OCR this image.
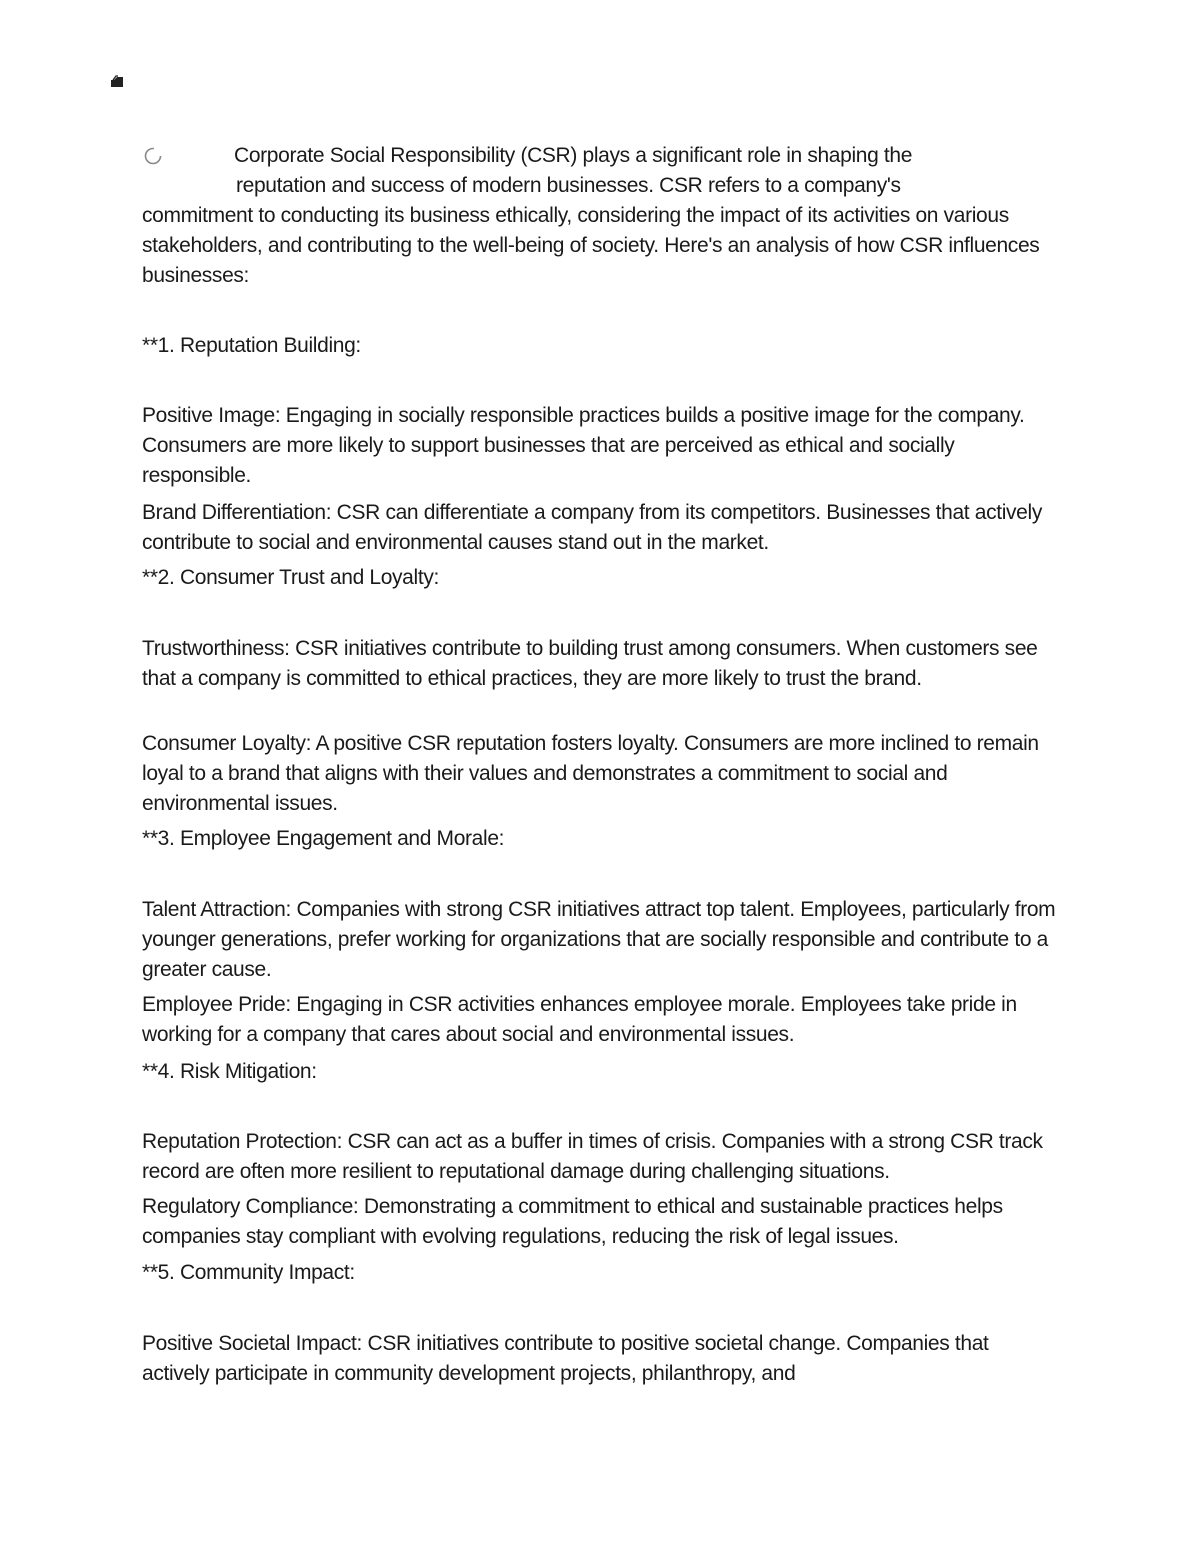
Corporate Social Responsibility (CSR) plays a significant role in shaping the
reputation and success of modern businesses. CSR refers to a company's
commitment to conducting its business ethically, considering the impact of its activities on various stakeholders, and contributing to the well-being of society. Here's an analysis of how CSR influences businesses:

**1. Reputation Building:

Positive Image: Engaging in socially responsible practices builds a positive image for the company. Consumers are more likely to support businesses that are perceived as ethical and socially responsible.

Brand Differentiation: CSR can differentiate a company from its competitors. Businesses that actively contribute to social and environmental causes stand out in the market.

**2. Consumer Trust and Loyalty:

Trustworthiness: CSR initiatives contribute to building trust among consumers. When customers see that a company is committed to ethical practices, they are more likely to trust the brand.

Consumer Loyalty: A positive CSR reputation fosters loyalty. Consumers are more inclined to remain loyal to a brand that aligns with their values and demonstrates a commitment to social and environmental issues.

**3. Employee Engagement and Morale:

Talent Attraction: Companies with strong CSR initiatives attract top talent. Employees, particularly from younger generations, prefer working for organizations that are socially responsible and contribute to a greater cause.

Employee Pride: Engaging in CSR activities enhances employee morale. Employees take pride in working for a company that cares about social and environmental issues.

**4. Risk Mitigation:

Reputation Protection: CSR can act as a buffer in times of crisis. Companies with a strong CSR track record are often more resilient to reputational damage during challenging situations.

Regulatory Compliance: Demonstrating a commitment to ethical and sustainable practices helps companies stay compliant with evolving regulations, reducing the risk of legal issues.

**5. Community Impact:

Positive Societal Impact: CSR initiatives contribute to positive societal change. Companies that actively participate in community development projects, philanthropy, and
